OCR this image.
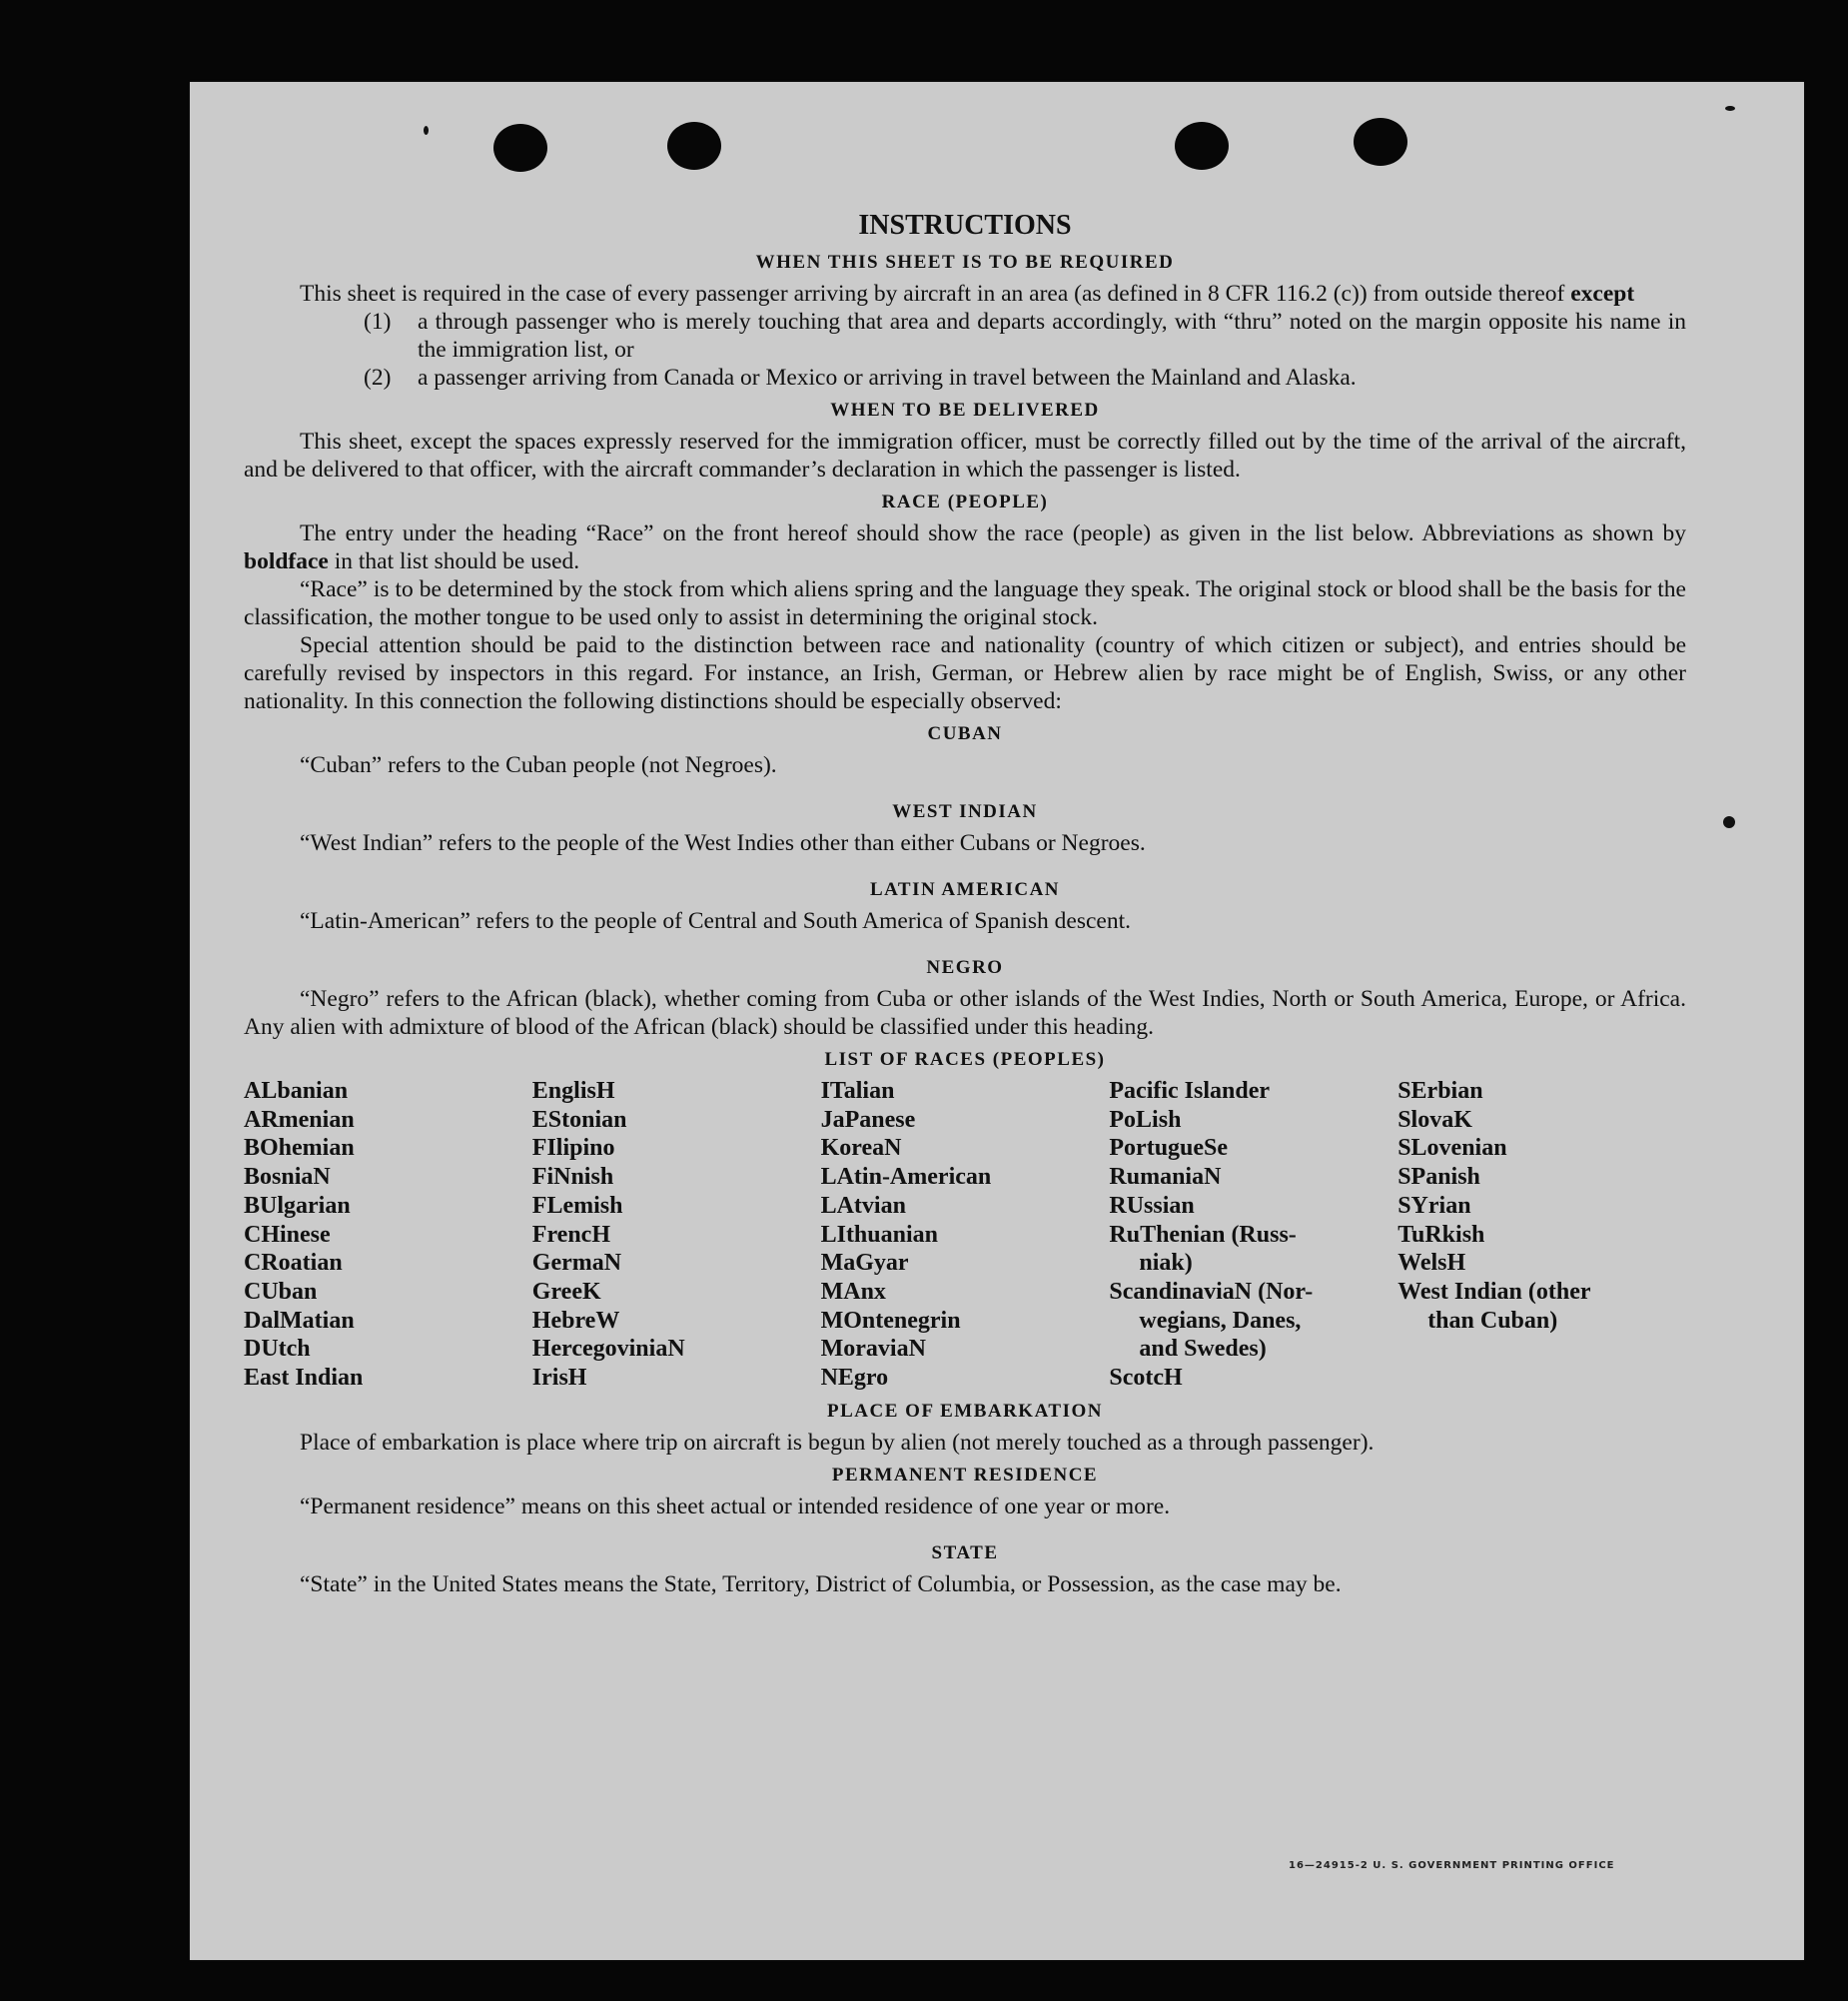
INSTRUCTIONS
WHEN THIS SHEET IS TO BE REQUIRED

This sheet is required in the case of every passenger arriving by aircraft in an area (as defined in 8 CFR 116.2 (c)) from outside thereof except

(1)	a through passenger who is merely touching that area and departs accordingly, with “thru” noted on the margin opposite his name in the immigration list, or
(2)	a passenger arriving from Canada or Mexico or arriving in travel between the Mainland and Alaska.
WHEN TO BE DELIVERED

This sheet, except the spaces expressly reserved for the immigration officer, must be correctly filled out by the time of the arrival of the aircraft, and be delivered to that officer, with the aircraft commander’s declaration in which the passenger is listed.

RACE (PEOPLE)

The entry under the heading “Race” on the front hereof should show the race (people) as given in the list below. Abbreviations as shown by boldface in that list should be used.

“Race” is to be determined by the stock from which aliens spring and the language they speak. The original stock or blood shall be the basis for the classification, the mother tongue to be used only to assist in determining the original stock.

Special attention should be paid to the distinction between race and nationality (country of which citizen or subject), and entries should be carefully revised by inspectors in this regard. For instance, an Irish, German, or Hebrew alien by race might be of English, Swiss, or any other nationality. In this connection the following distinctions should be especially observed:

CUBAN

“Cuban” refers to the Cuban people (not Negroes).

WEST INDIAN

“West Indian” refers to the people of the West Indies other than either Cubans or Negroes.

LATIN AMERICAN

“Latin-American” refers to the people of Central and South America of Spanish descent.

NEGRO

“Negro” refers to the African (black), whether coming from Cuba or other islands of the West Indies, North or South America, Europe, or Africa. Any alien with admixture of blood of the African (black) should be classified under this heading.

LIST OF RACES (PEOPLES)
ALbanian
ARmenian
BOhemian
BosniaN
BUlgarian
CHinese
CRoatian
CUban
DalMatian
DUtch
East Indian
EnglisH
EStonian
FIlipino
FiNnish
FLemish
FrencH
GermaN
GreeK
HebreW
HercegoviniaN
IrisH
ITalian
JaPanese
KoreaN
LAtin-American
LAtvian
LIthuanian
MaGyar
MAnx
MOntenegrin
MoraviaN
NEgro
Pacific Islander
PoLish
PortugueSe
RumaniaN
RUssian
RuThenian (Russ-
niak)
ScandinaviaN (Nor-
wegians, Danes,
and Swedes)
ScotcH
SErbian
SlovaK
SLovenian
SPanish
SYrian
TuRkish
WelsH
West Indian (other
than Cuban)
PLACE OF EMBARKATION

Place of embarkation is place where trip on aircraft is begun by alien (not merely touched as a through passenger).

PERMANENT RESIDENCE

“Permanent residence” means on this sheet actual or intended residence of one year or more.

STATE

“State” in the United States means the State, Territory, District of Columbia, or Possession, as the case may be.

16—24915-2 U. S. GOVERNMENT PRINTING OFFICE
